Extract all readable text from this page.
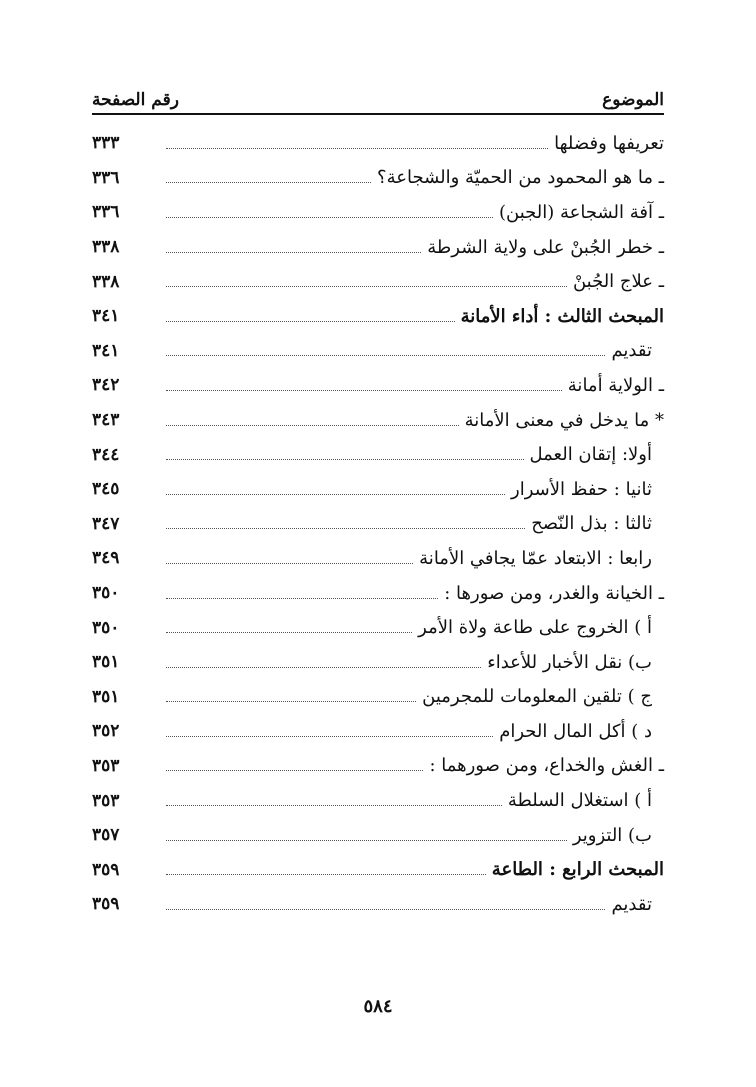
رقم الصفحة	الموضوع
تعريفها وفضلها
٣٣٣
ـ ما هو المحمود من الحميّة والشجاعة؟
٣٣٦
ـ آفة الشجاعة (الجبن)
٣٣٦
ـ خطر الجُبنْ على ولاية الشرطة
٣٣٨
ـ علاج الجُبنْ
٣٣٨
المبحث الثالث : أداء الأمانة
٣٤١
تقديم
٣٤١
ـ الولاية أمانة
٣٤٢
* ما يدخل في معنى الأمانة
٣٤٣
أولا: إتقان العمل
٣٤٤
ثانيا : حفظ الأسرار
٣٤٥
ثالثا : بذل النّصح
٣٤٧
رابعا : الابتعاد عمّا يجافي الأمانة
٣٤٩
ـ الخيانة والغدر، ومن صورها :
٣٥٠
أ ) الخروج على طاعة ولاة الأمر
٣٥٠
ب) نقل الأخبار للأعداء
٣٥١
ج ) تلقين المعلومات للمجرمين
٣٥١
د ) أكل المال الحرام
٣٥٢
ـ الغش والخداع، ومن صورهما :
٣٥٣
أ ) استغلال السلطة
٣٥٣
ب) التزوير
٣٥٧
المبحث الرابع : الطاعة
٣٥٩
تقديم
٣٥٩
٥٨٤
